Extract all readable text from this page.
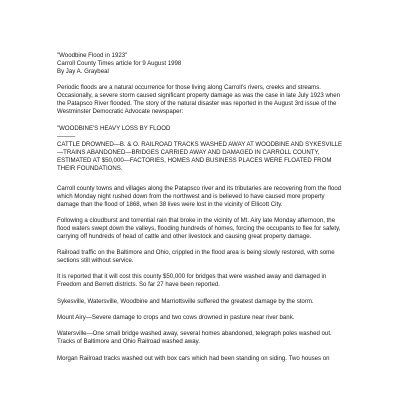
"Woodbine Flood in 1923"
Carroll County Times article for 9 August 1998
By Jay A. Graybeal

Periodic floods are a natural occurrence for those living along Carroll's rivers, creeks and streams. Occasionally, a severe storm caused significant property damage as was the case in late July 1923 when the Patapsco River flooded. The story of the natural disaster was reported in the August 3rd issue of the Westminster Democratic Advocate newspaper:

"WOODBINE'S HEAVY LOSS BY FLOOD
———
CATTLE DROWNED—B. & O. RAILROAD TRACKS WASHED AWAY AT WOODBINE AND SYKESVILLE—TRAINS ABANDONED—BRIDGES CARRIED AWAY AND DAMAGED IN CARROLL COUNTY, ESTIMATED AT $50,000—FACTORIES, HOMES AND BUSINESS PLACES WERE FLOATED FROM THEIR FOUNDATIONS.

Carroll county towns and villages along the Patapsco river and its tributaries are recovering from the flood which Monday night rushed down from the northwest and is believed to have caused more property damage than the flood of 1868, when 38 lives were lost in the vicinity of Ellicott City.

Following a cloudburst and torrential rain that broke in the vicinity of Mt. Airy late Monday afternoon, the flood waters swept down the valleys, flooding hundreds of homes, forcing the occupants to flee for safety, carrying off hundreds of head of cattle and other livestock and causing great property damage.

Railroad traffic on the Baltimore and Ohio, crippled in the flood area is being slowly restored, with some sections still without service.

It is reported that it will cost this county $50,000 for bridges that were washed away and damaged in Freedom and Berrett districts. So far 27 have been reported.

Sykesville, Watersville, Woodbine and Marriottsville suffered the greatest damage by the storm.

Mount Airy—Severe damage to crops and two cows drowned in pasture near river bank.

Watersville—One small bridge washed away, several homes abandoned, telegraph poles washed out. Tracks of Baltimore and Ohio Railroad washed away.

Morgan Railroad tracks washed out with box cars which had been standing on siding. Two houses on
